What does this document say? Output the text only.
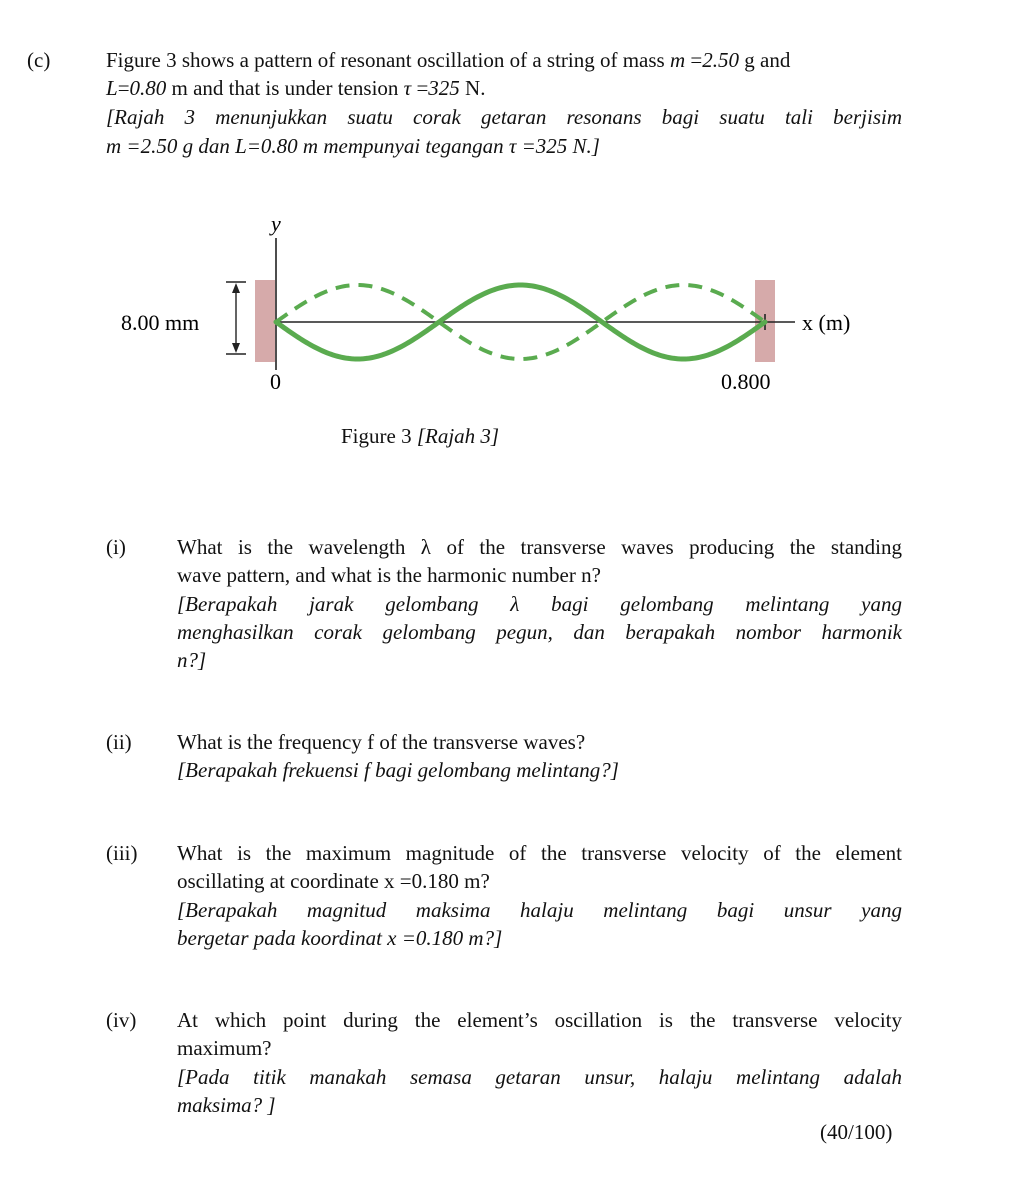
(c)	Figure 3 shows a pattern of resonant oscillation of a string of mass m =2.50 g and
L=0.80 m and that is under tension τ =325 N.
[Rajah 3 menunjukkan suatu corak getaran resonans bagi suatu tali berjisim
m =2.50 g dan L=0.80 m mempunyai tegangan τ =325 N.]
y
8.00 mm	x (m)
0	0.800
Figure 3 [Rajah 3]
(i) What is the wavelength λ of the transverse waves producing the standing
wave pattern, and what is the harmonic number n?
[Berapakah jarak gelombang λ bagi gelombang melintang yang
menghasilkan corak gelombang pegun, dan berapakah nombor harmonik
n?]
(ii) What is the frequency f of the transverse waves?
[Berapakah frekuensi f bagi gelombang melintang?]
(iii) What is the maximum magnitude of the transverse velocity of the element
oscillating at coordinate x =0.180 m?
[Berapakah magnitud maksima halaju melintang bagi unsur yang
bergetar pada koordinat x =0.180 m?]
(iv) At which point during the element’s oscillation is the transverse velocity
maximum?
[Pada titik manakah semasa getaran unsur, halaju melintang adalah
maksima? ]
(40/100)
